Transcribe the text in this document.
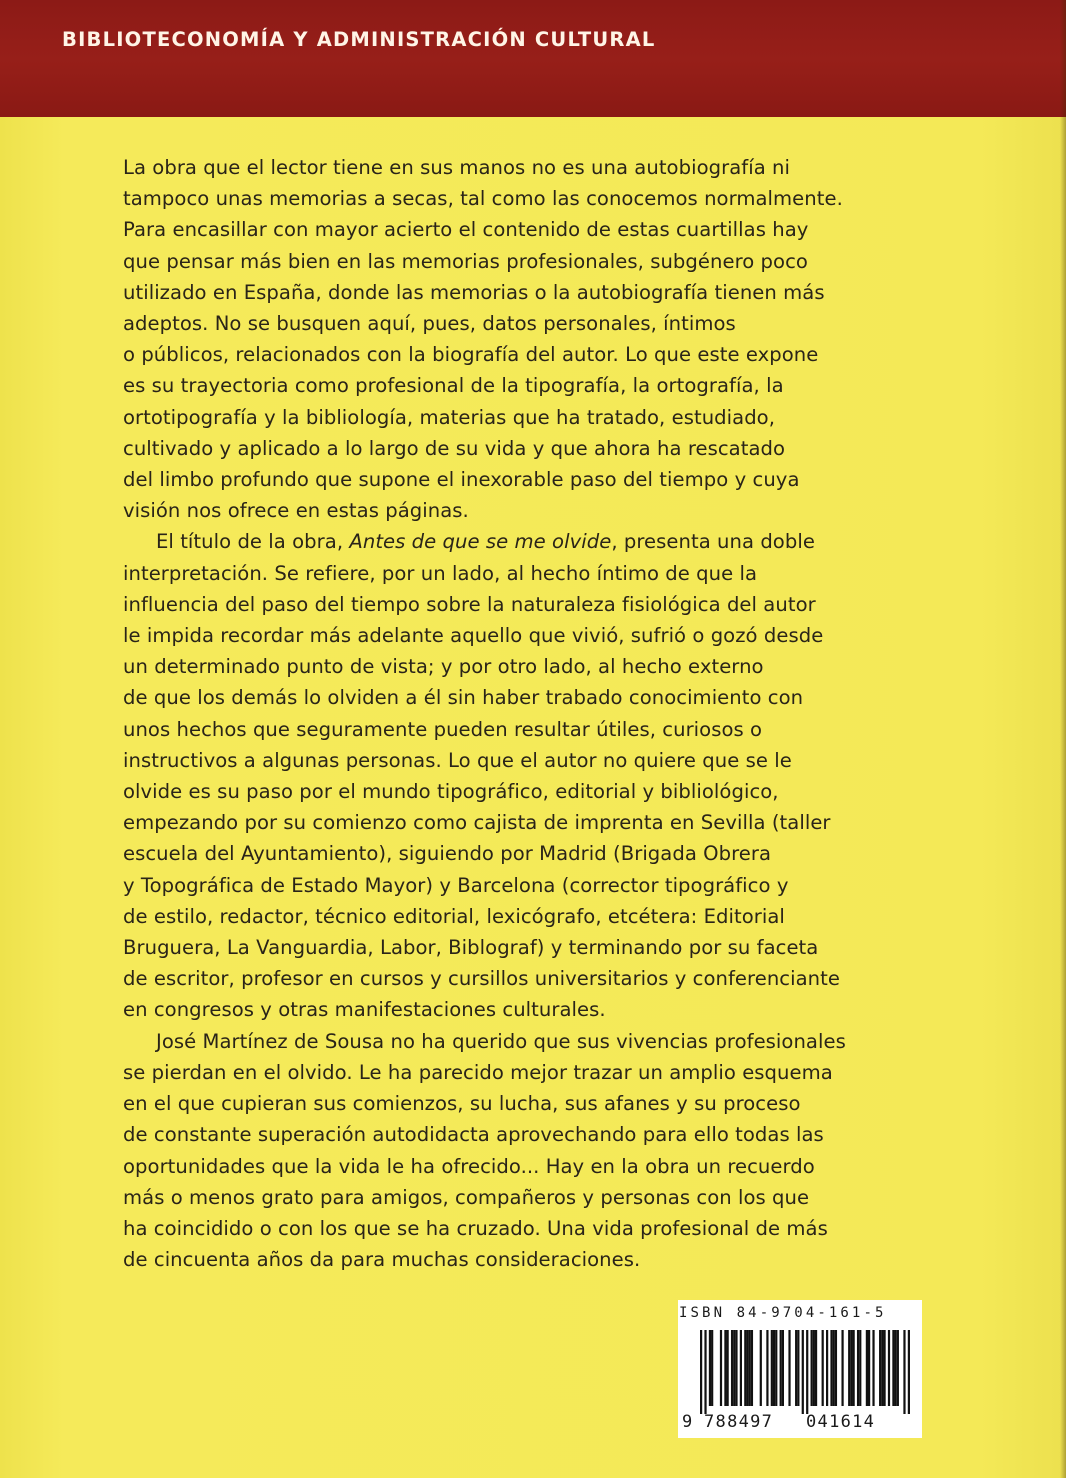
BIBLIOTECONOMÍA Y ADMINISTRACIÓN CULTURAL
La obra que el lector tiene en sus manos no es una autobiografía ni
tampoco unas memorias a secas, tal como las conocemos normalmente.
Para encasillar con mayor acierto el contenido de estas cuartillas hay
que pensar más bien en las memorias profesionales, subgénero poco
utilizado en España, donde las memorias o la autobiografía tienen más
adeptos. No se busquen aquí, pues, datos personales, íntimos
o públicos, relacionados con la biografía del autor. Lo que este expone
es su trayectoria como profesional de la tipografía, la ortografía, la
ortotipografía y la bibliología, materias que ha tratado, estudiado,
cultivado y aplicado a lo largo de su vida y que ahora ha rescatado
del limbo profundo que supone el inexorable paso del tiempo y cuya
visión nos ofrece en estas páginas.
El título de la obra, Antes de que se me olvide, presenta una doble
interpretación. Se refiere, por un lado, al hecho íntimo de que la
influencia del paso del tiempo sobre la naturaleza fisiológica del autor
le impida recordar más adelante aquello que vivió, sufrió o gozó desde
un determinado punto de vista; y por otro lado, al hecho externo
de que los demás lo olviden a él sin haber trabado conocimiento con
unos hechos que seguramente pueden resultar útiles, curiosos o
instructivos a algunas personas. Lo que el autor no quiere que se le
olvide es su paso por el mundo tipográfico, editorial y bibliológico,
empezando por su comienzo como cajista de imprenta en Sevilla (taller
escuela del Ayuntamiento), siguiendo por Madrid (Brigada Obrera
y Topográfica de Estado Mayor) y Barcelona (corrector tipográfico y
de estilo, redactor, técnico editorial, lexicógrafo, etcétera: Editorial
Bruguera, La Vanguardia, Labor, Biblograf) y terminando por su faceta
de escritor, profesor en cursos y cursillos universitarios y conferenciante
en congresos y otras manifestaciones culturales.
José Martínez de Sousa no ha querido que sus vivencias profesionales
se pierdan en el olvido. Le ha parecido mejor trazar un amplio esquema
en el que cupieran sus comienzos, su lucha, sus afanes y su proceso
de constante superación autodidacta aprovechando para ello todas las
oportunidades que la vida le ha ofrecido... Hay en la obra un recuerdo
más o menos grato para amigos, compañeros y personas con los que
ha coincidido o con los que se ha cruzado. Una vida profesional de más
de cincuenta años da para muchas consideraciones.
ISBN 84-9704-161-5
9 788497 041614
